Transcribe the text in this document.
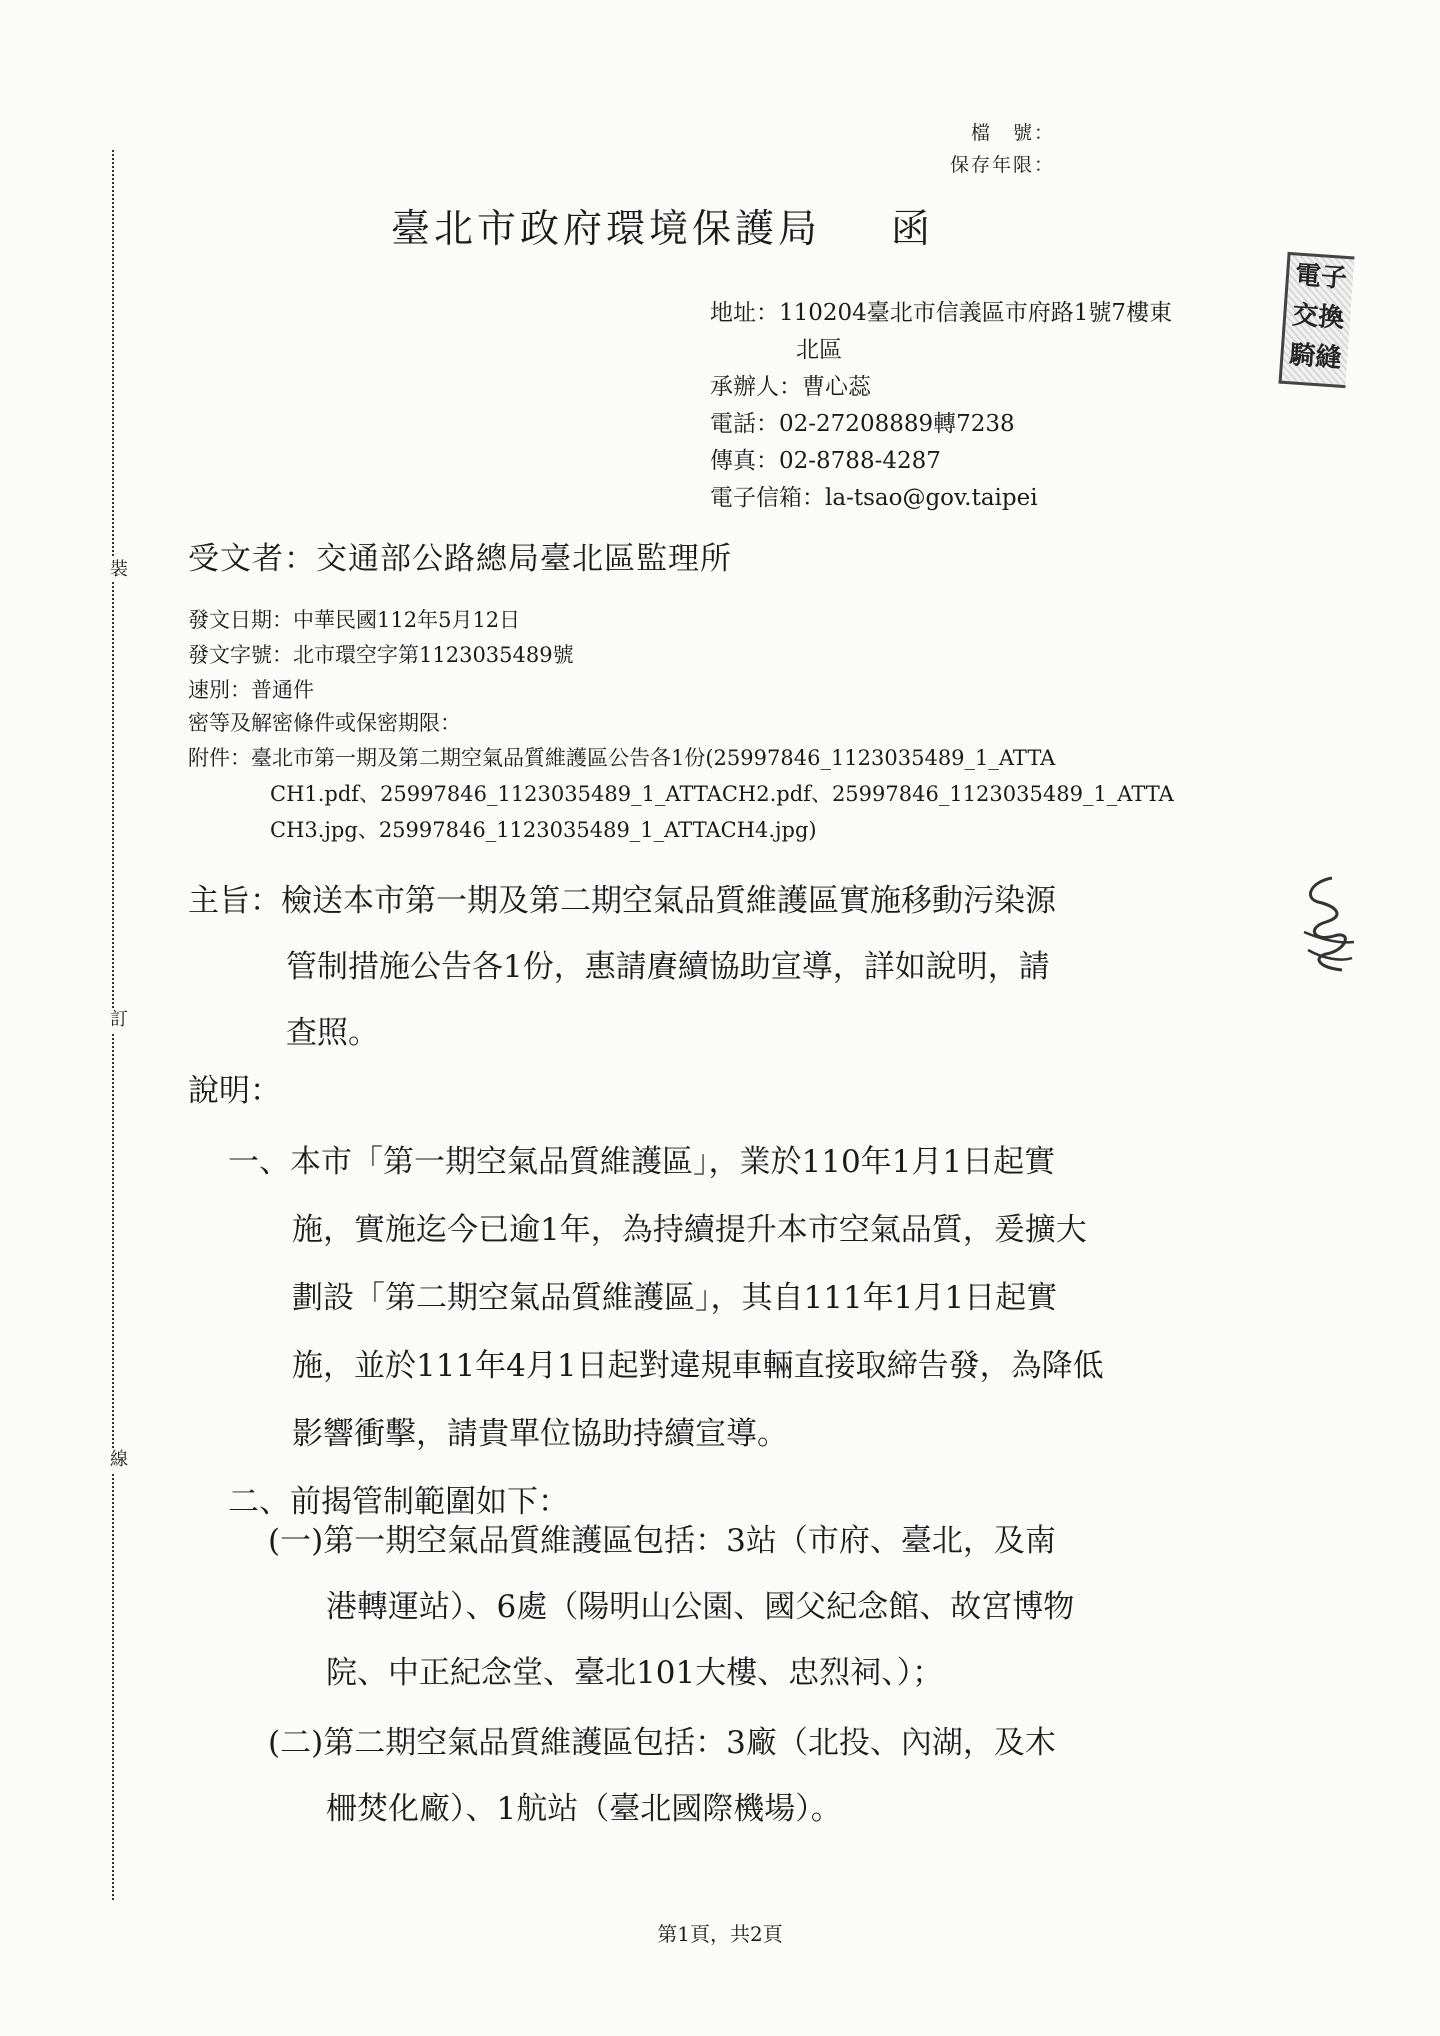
裝
訂
線
檔　號：
保存年限：
臺北市政府環境保護局 函
電子
交換
騎縫
地址：110204臺北市信義區市府路1號7樓東
北區
承辦人：曹心蕊
電話：02-27208889轉7238
傳真：02-8788-4287
電子信箱：la-tsao@gov.taipei
受文者：交通部公路總局臺北區監理所
發文日期：中華民國112年5月12日
發文字號：北市環空字第1123035489號
速別：普通件
密等及解密條件或保密期限：
附件：臺北市第一期及第二期空氣品質維護區公告各1份(25997846_1123035489_1_ATTA
CH1.pdf、25997846_1123035489_1_ATTACH2.pdf、25997846_1123035489_1_ATTA
CH3.jpg、25997846_1123035489_1_ATTACH4.jpg)
主旨：檢送本市第一期及第二期空氣品質維護區實施移動污染源
管制措施公告各1份，惠請賡續協助宣導，詳如說明，請
查照。
說明：
一、本市「第一期空氣品質維護區」，業於110年1月1日起實
施，實施迄今已逾1年，為持續提升本市空氣品質，爰擴大
劃設「第二期空氣品質維護區」，其自111年1月1日起實
施，並於111年4月1日起對違規車輛直接取締告發，為降低
影響衝擊，請貴單位協助持續宣導。
二、前揭管制範圍如下：
(一)第一期空氣品質維護區包括：3站（市府、臺北，及南
港轉運站）、6處（陽明山公園、國父紀念館、故宮博物
院、中正紀念堂、臺北101大樓、忠烈祠、）；
(二)第二期空氣品質維護區包括：3廠（北投、內湖，及木
柵焚化廠）、1航站（臺北國際機場）。
第1頁，共2頁
